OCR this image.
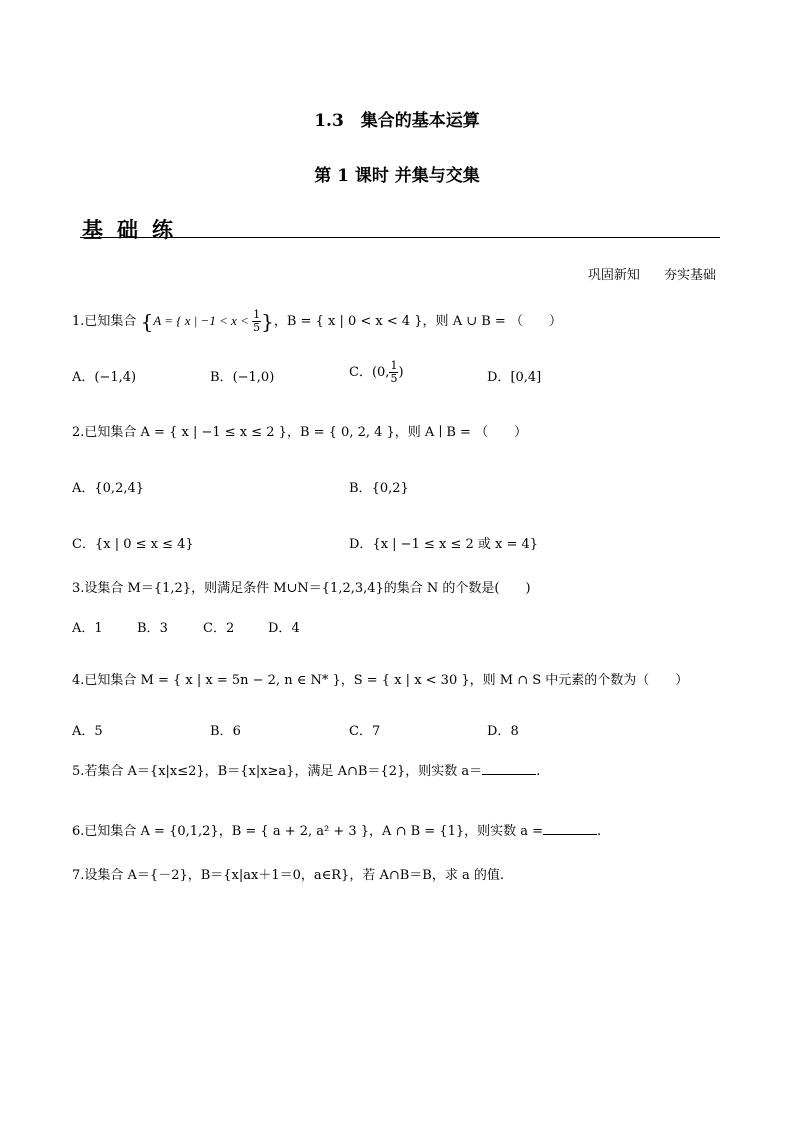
1.3　集合的基本运算
第 1 课时 并集与交集
基础练
巩固新知 夯实基础
1.已知集合 {A = { x | $-1 < x < \frac{1}{5}$ }，B = { x | 0 < x < 4 }，则 A ∪ B = （　　）
A．(−1,4)	B．(−1,0)	C．(0, $\frac{1}{5}$ )	D．[0,4]
2.已知集合 A = { x | −1 ≤ x ≤ 2 }，B = { 0, 2, 4 }，则 A ∣ B = （　　）
A．{0,2,4}	B．{0,2}
C．{x | 0 ≤ x ≤ 4}	D．{x | −1 ≤ x ≤ 2 或 x = 4}
3.设集合 M＝{1,2}，则满足条件 M∪N＝{1,2,3,4}的集合 N 的个数是(　　)
A．1	B．3	C．2	D．4
4.已知集合 M = { x | x = 5n − 2, n ∈ N* }，S = { x | x < 30 }，则 M ∩ S 中元素的个数为（　　）
A．5	B．6	C．7	D．8
5.若集合 A＝{x|x≤2}，B＝{x|x≥a}，满足 A∩B＝{2}，则实数 a＝	.
6.已知集合 A = {0,1,2}，B = { a + 2, a² + 3 }，A ∩ B = {1}，则实数 a =	.
7.设集合 A＝{－2}，B＝{x|ax＋1＝0，a∈R}，若 A∩B＝B，求 a 的值.
